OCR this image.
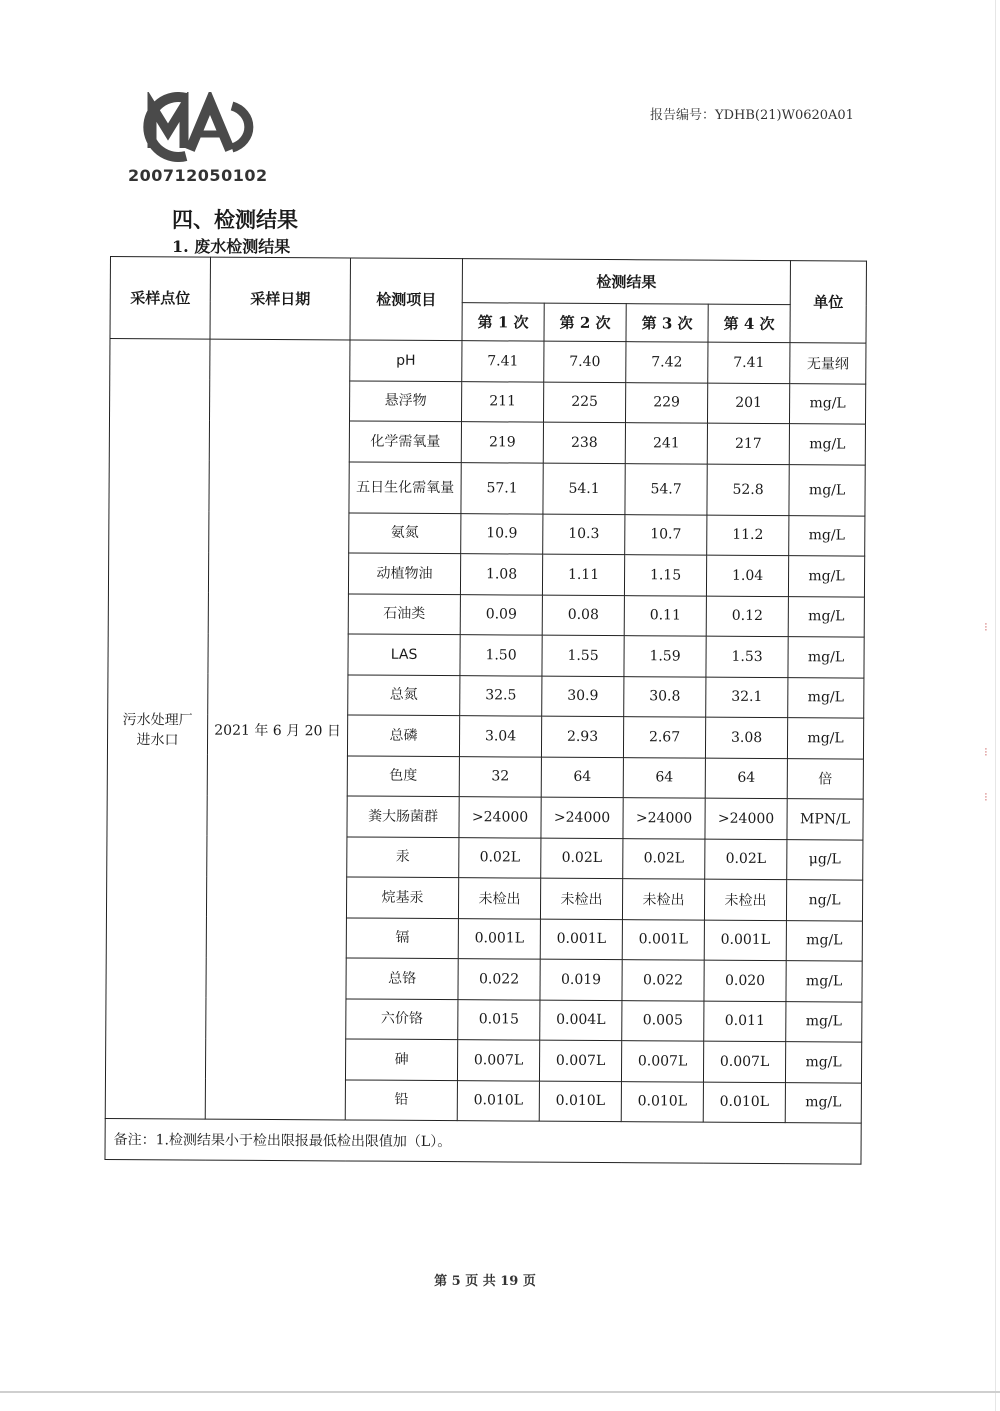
200712050102
报告编号：YDHB(21)W0620A01
四、检测结果
1. 废水检测结果
采样点位	采样日期	检测项目	检测结果				单位
			第 1 次	第 2 次	第 3 次	第 4 次	
污水处理厂进水口	2021 年 6 月 20 日	pH	7.41	7.40	7.42	7.41	无量纲
		悬浮物	211	225	229	201	mg/L
		化学需氧量	219	238	241	217	mg/L
		五日生化需氧量	57.1	54.1	54.7	52.8	mg/L
		氨氮	10.9	10.3	10.7	11.2	mg/L
		动植物油	1.08	1.11	1.15	1.04	mg/L
		石油类	0.09	0.08	0.11	0.12	mg/L
		LAS	1.50	1.55	1.59	1.53	mg/L
		总氮	32.5	30.9	30.8	32.1	mg/L
		总磷	3.04	2.93	2.67	3.08	mg/L
		色度	32	64	64	64	倍
		粪大肠菌群	>24000	>24000	>24000	>24000	MPN/L
		汞	0.02L	0.02L	0.02L	0.02L	μg/L
		烷基汞	未检出	未检出	未检出	未检出	ng/L
		镉	0.001L	0.001L	0.001L	0.001L	mg/L
		总铬	0.022	0.019	0.022	0.020	mg/L
		六价铬	0.015	0.004L	0.005	0.011	mg/L
		砷	0.007L	0.007L	0.007L	0.007L	mg/L
		铅	0.010L	0.010L	0.010L	0.010L	mg/L
备注：1.检测结果小于检出限报最低检出限值加（L）。							
⁝
⁝
⁝
第 5 页 共 19 页
